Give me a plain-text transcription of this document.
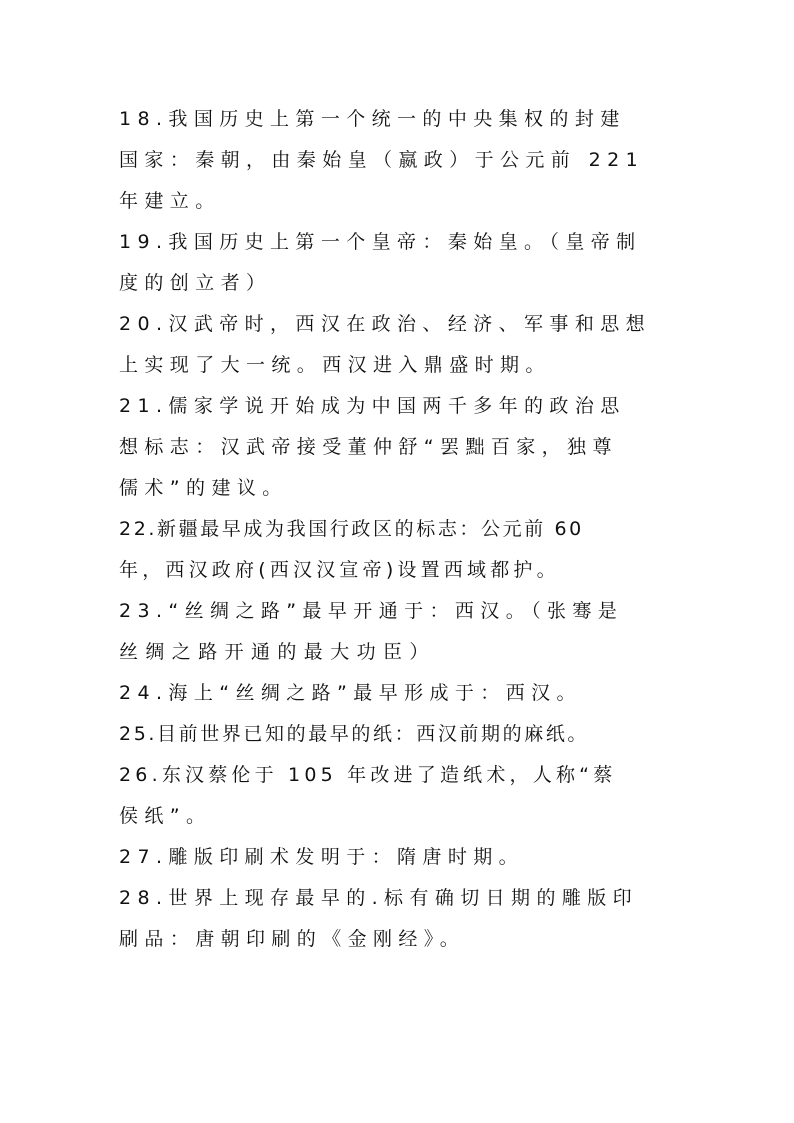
18.我国历史上第一个统一的中央集权的封建
国家：秦朝，由秦始皇（嬴政）于公元前 221
年建立。
19.我国历史上第一个皇帝：秦始皇。（皇帝制
度的创立者）
20.汉武帝时，西汉在政治、经济、军事和思想
上实现了大一统。西汉进入鼎盛时期。
21.儒家学说开始成为中国两千多年的政治思
想标志：汉武帝接受董仲舒“罢黜百家，独尊
儒术”的建议。
22.新疆最早成为我国行政区的标志：公元前 60
年，西汉政府(西汉汉宣帝)设置西域都护。
23.“丝绸之路”最早开通于：西汉。（张骞是
丝绸之路开通的最大功臣）
24.海上“丝绸之路”最早形成于：西汉。
25.目前世界已知的最早的纸：西汉前期的麻纸。
26.东汉蔡伦于 105 年改进了造纸术，人称“蔡
侯纸”。
27.雕版印刷术发明于：隋唐时期。
28.世界上现存最早的.标有确切日期的雕版印
刷品：唐朝印刷的《金刚经》。
